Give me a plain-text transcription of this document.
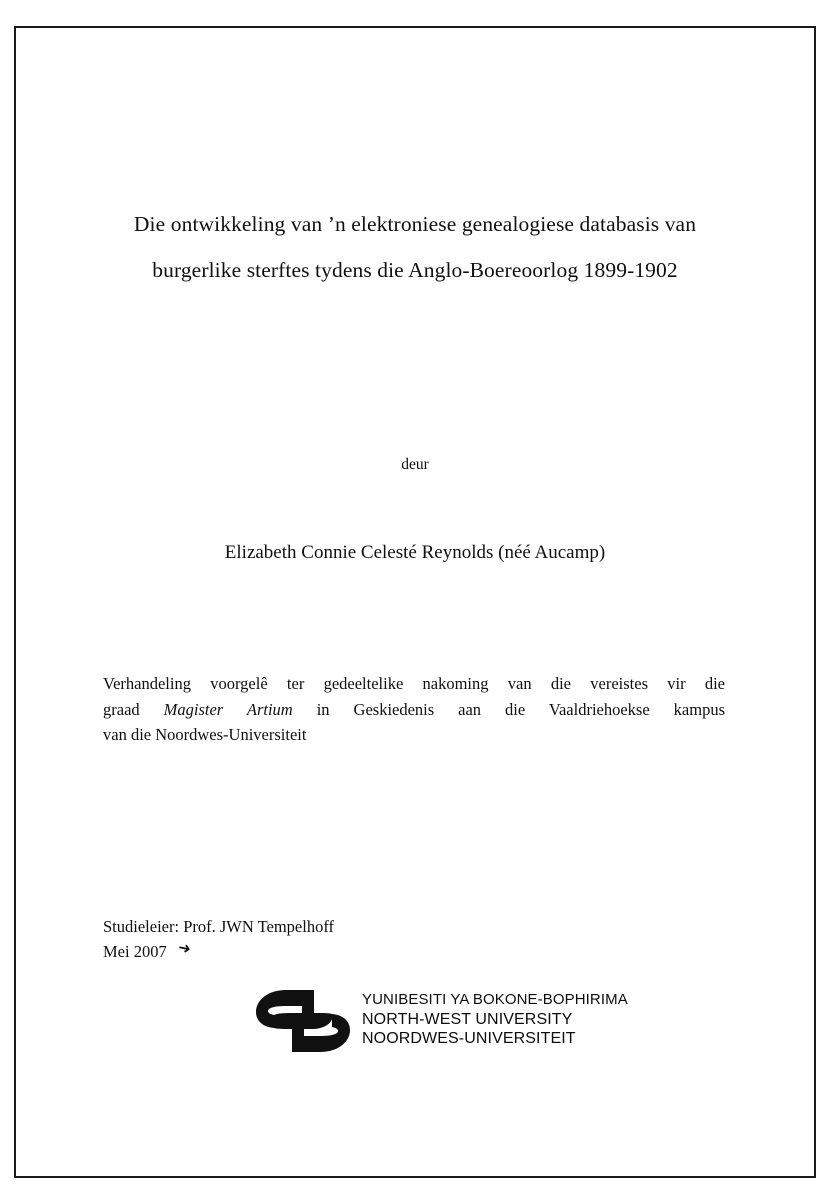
Die ontwikkeling van ’n elektroniese genealogiese databasis van
burgerlike sterftes tydens die Anglo-Boereoorlog 1899-1902
deur
Elizabeth Connie Celesté Reynolds (néé Aucamp)
Verhandeling voorgelê ter gedeeltelike nakoming van die vereistes vir die
graad Magister Artium in Geskiedenis aan die Vaaldriehoekse kampus
van die Noordwes-Universiteit
Studieleier: Prof. JWN Tempelhoff
Mei 2007 ➜
YUNIBESITI YA BOKONE-BOPHIRIMA
NORTH-WEST UNIVERSITY
NOORDWES-UNIVERSITEIT
